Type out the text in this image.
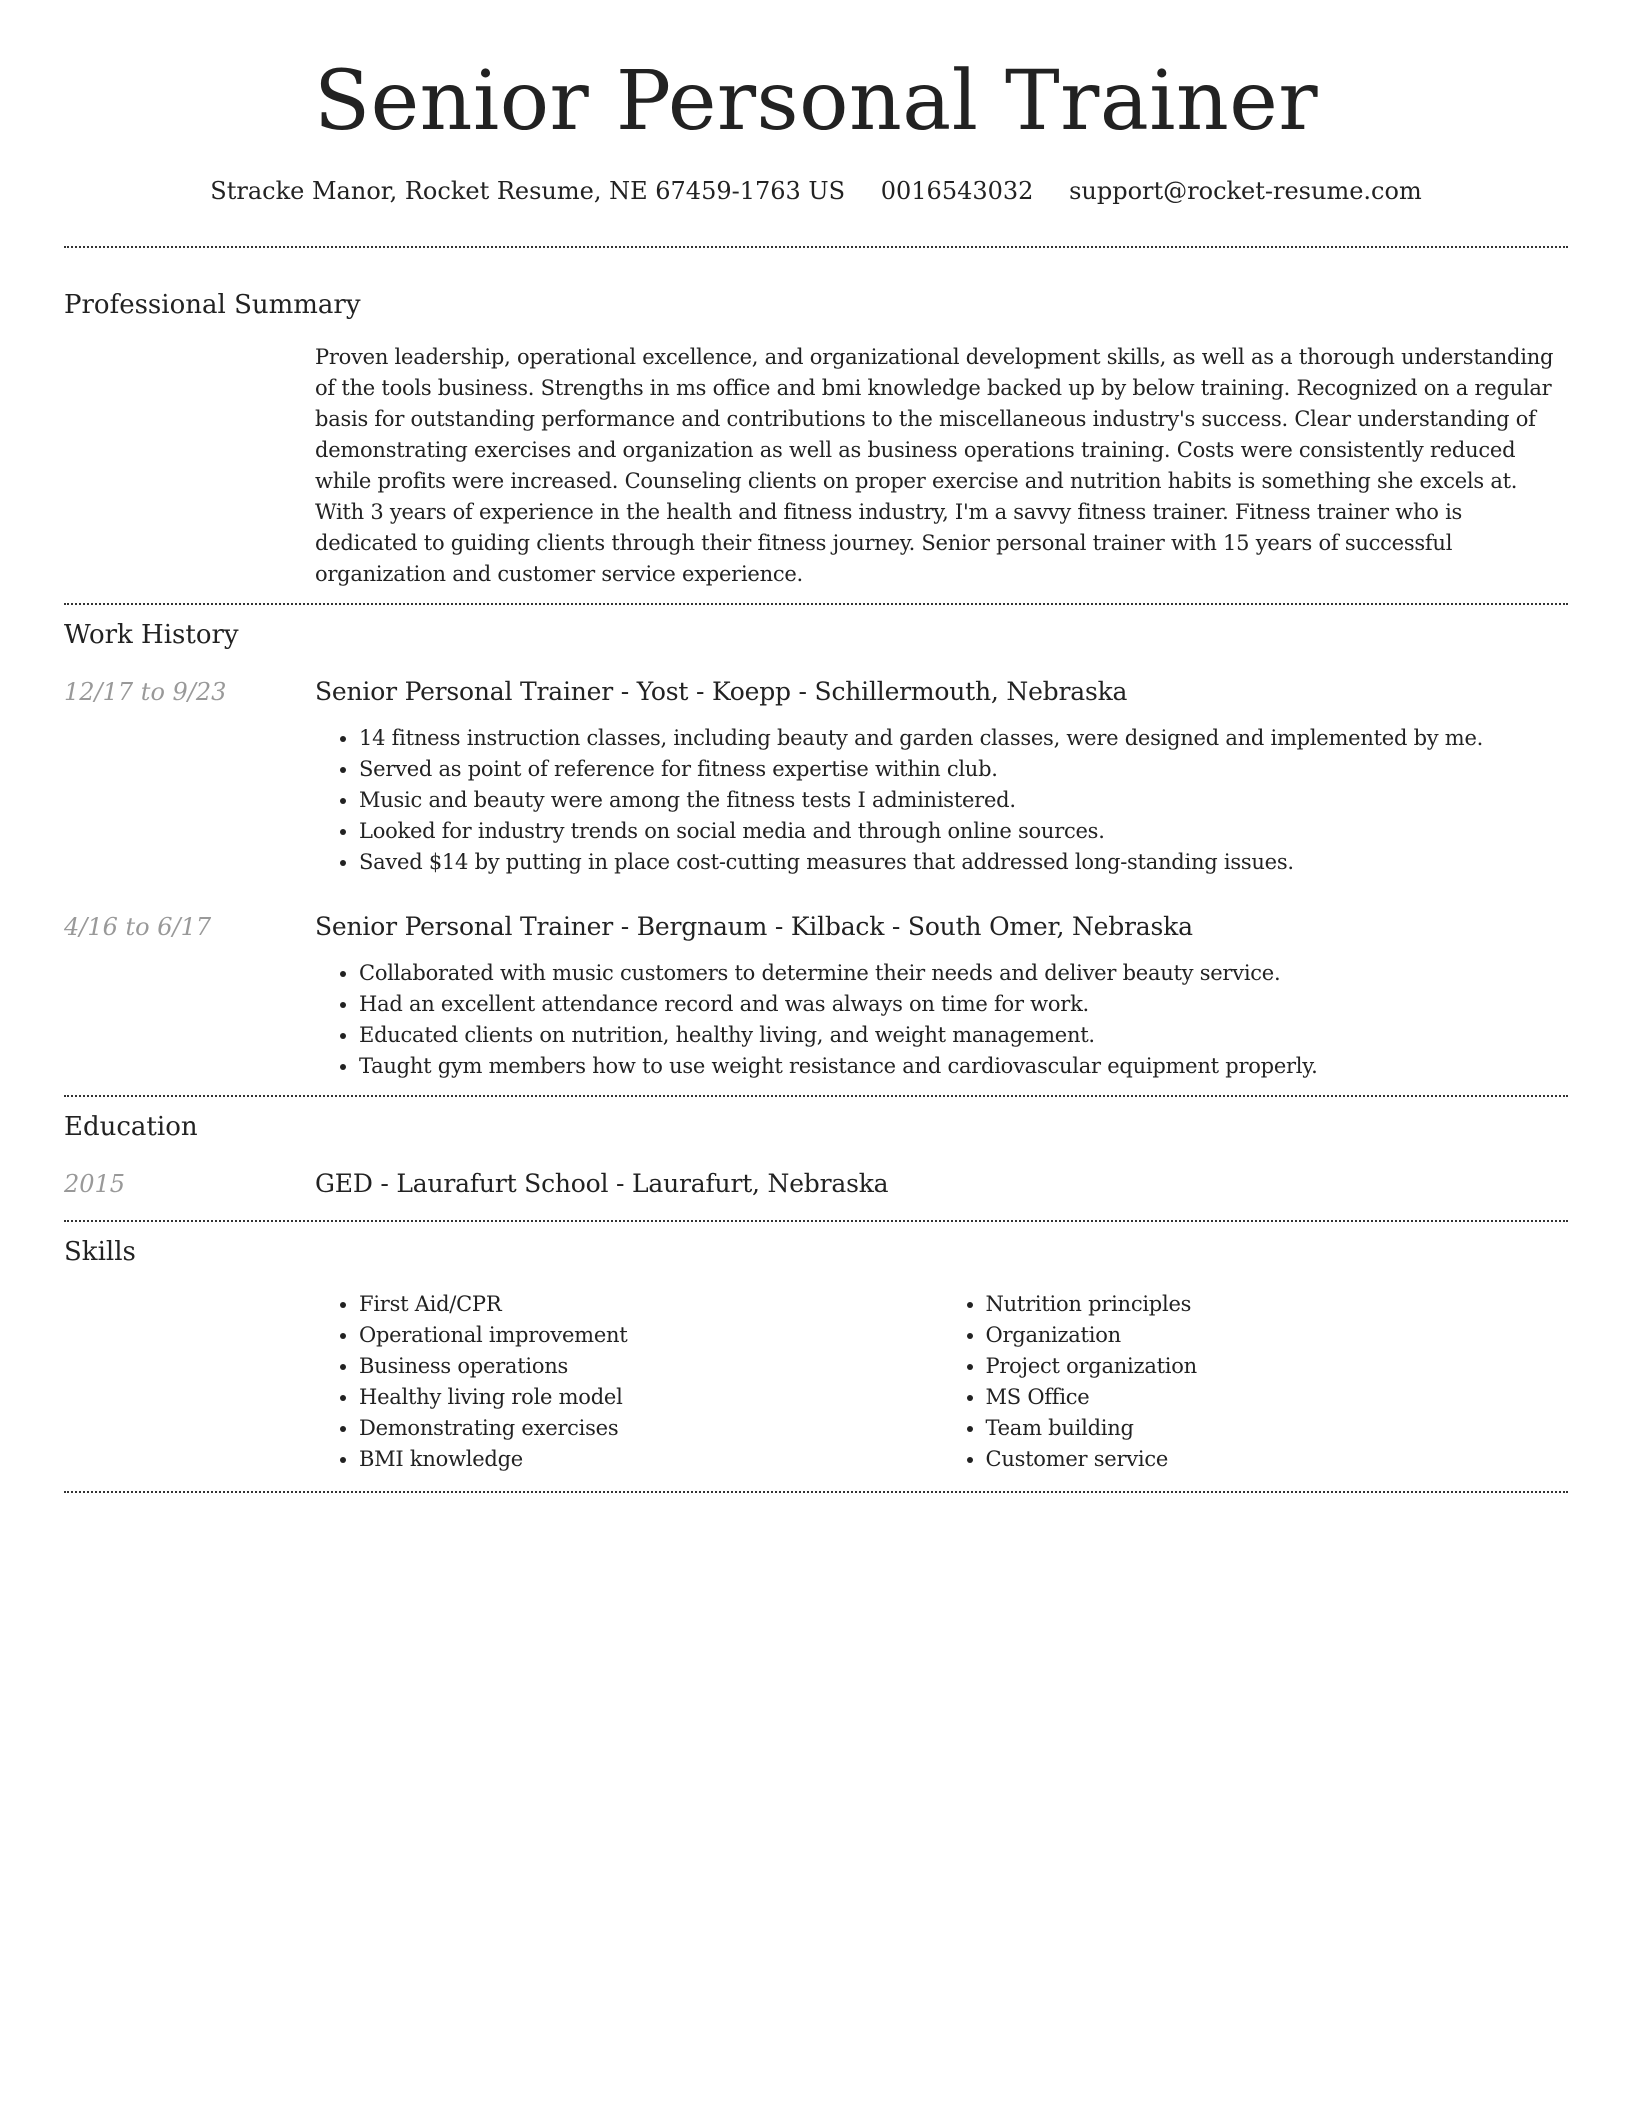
Senior Personal Trainer
Stracke Manor, Rocket Resume, NE 67459-1763 US 0016543032 support@rocket-resume.com
Professional Summary

Proven leadership, operational excellence, and organizational development skills, as well as a thorough understanding of the tools business. Strengths in ms office and bmi knowledge backed up by below training. Recognized on a regular basis for outstanding performance and contributions to the miscellaneous industry's success. Clear understanding of demonstrating exercises and organization as well as business operations training. Costs were consistently reduced while profits were increased. Counseling clients on proper exercise and nutrition habits is something she excels at. With 3 years of experience in the health and fitness industry, I'm a savvy fitness trainer. Fitness trainer who is dedicated to guiding clients through their fitness journey. Senior personal trainer with 15 years of successful organization and customer service experience.

Work History
12/17 to 9/23	Senior Personal Trainer - Yost - Koepp - Schillermouth, Nebraska

• 14 fitness instruction classes, including beauty and garden classes, were designed and implemented by me.
• Served as point of reference for fitness expertise within club.
• Music and beauty were among the fitness tests I administered.
• Looked for industry trends on social media and through online sources.
• Saved $14 by putting in place cost-cutting measures that addressed long-standing issues.
4/16 to 6/17	Senior Personal Trainer - Bergnaum - Kilback - South Omer, Nebraska

• Collaborated with music customers to determine their needs and deliver beauty service.
• Had an excellent attendance record and was always on time for work.
• Educated clients on nutrition, healthy living, and weight management.
• Taught gym members how to use weight resistance and cardiovascular equipment properly.
Education
2015	GED - Laurafurt School - Laurafurt, Nebraska

Skills
• First Aid/CPR
• Operational improvement
• Business operations
• Healthy living role model
• Demonstrating exercises
• BMI knowledge
• Nutrition principles
• Organization
• Project organization
• MS Office
• Team building
• Customer service
